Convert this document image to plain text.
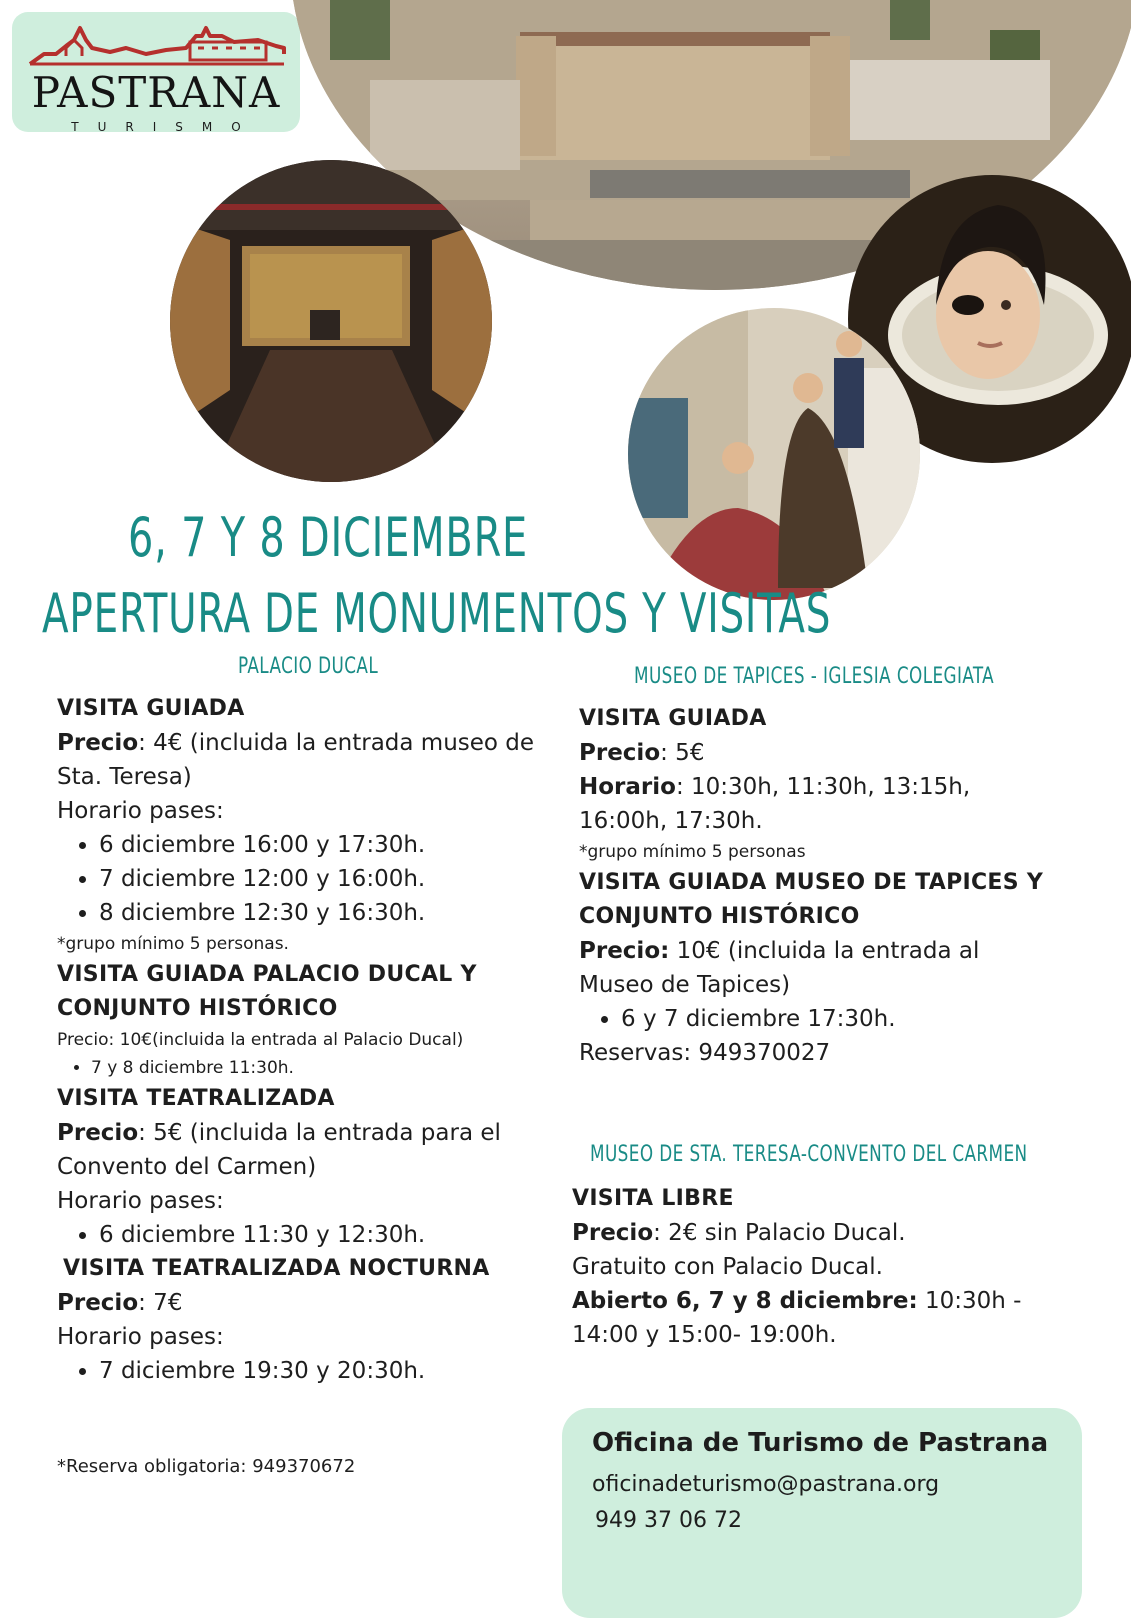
PASTRANA
TURISMO
6, 7 Y 8 DICIEMBRE
APERTURA DE MONUMENTOS Y VISITAS
PALACIO DUCAL
VISITA GUIADA
Precio: 4€ (incluida la entrada museo de Sta. Teresa)
Horario pases:
• 6 diciembre 16:00 y 17:30h.
• 7 diciembre 12:00 y 16:00h.
• 8 diciembre 12:30 y 16:30h.
*grupo mínimo 5 personas.
VISITA GUIADA PALACIO DUCAL Y CONJUNTO HISTÓRICO
Precio: 10€(incluida la entrada al Palacio Ducal)
• 7 y 8 diciembre 11:30h.
VISITA TEATRALIZADA
Precio: 5€ (incluida la entrada para el Convento del Carmen)
Horario pases:
• 6 diciembre 11:30 y 12:30h.
VISITA TEATRALIZADA NOCTURNA
Precio: 7€
Horario pases:
• 7 diciembre 19:30 y 20:30h.
*Reserva obligatoria: 949370672
MUSEO DE TAPICES - IGLESIA COLEGIATA
VISITA GUIADA
Precio: 5€
Horario: 10:30h, 11:30h, 13:15h, 16:00h, 17:30h.
*grupo mínimo 5 personas
VISITA GUIADA MUSEO DE TAPICES Y CONJUNTO HISTÓRICO
Precio: 10€ (incluida la entrada al Museo de Tapices)
• 6 y 7 diciembre 17:30h.
Reservas: 949370027
MUSEO DE STA. TERESA-CONVENTO DEL CARMEN
VISITA LIBRE
Precio: 2€ sin Palacio Ducal.
Gratuito con Palacio Ducal.
Abierto 6, 7 y 8 diciembre: 10:30h - 14:00 y 15:00- 19:00h.
Oficina de Turismo de Pastrana
oficinadeturismo@pastrana.org
949 37 06 72
